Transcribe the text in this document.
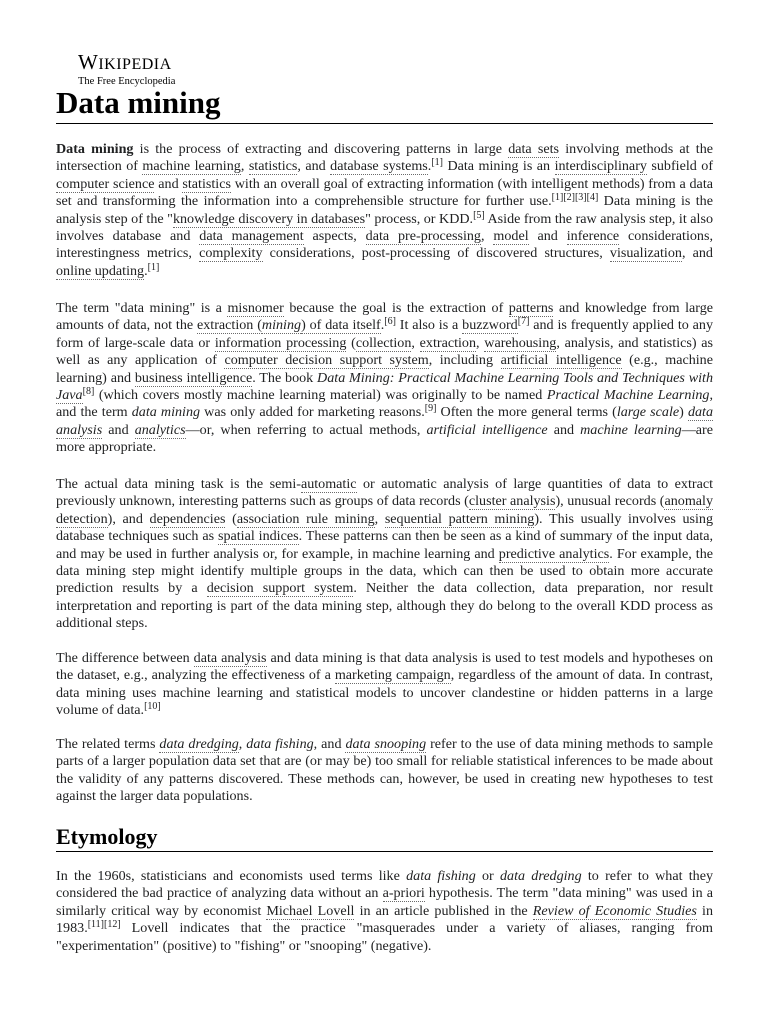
WIKIPEDIA
The Free Encyclopedia
Data mining

Data mining is the process of extracting and discovering patterns in large data sets involving methods at the intersection of machine learning, statistics, and database systems.[1] Data mining is an interdisciplinary subfield of computer science and statistics with an overall goal of extracting information (with intelligent methods) from a data set and transforming the information into a comprehensible structure for further use.[1][2][3][4] Data mining is the analysis step of the "knowledge discovery in databases" process, or KDD.[5] Aside from the raw analysis step, it also involves database and data management aspects, data pre-processing, model and inference considerations, interestingness metrics, complexity considerations, post-processing of discovered structures, visualization, and online updating.[1]

The term "data mining" is a misnomer because the goal is the extraction of patterns and knowledge from large amounts of data, not the extraction (mining) of data itself.[6] It also is a buzzword[7] and is frequently applied to any form of large-scale data or information processing (collection, extraction, warehousing, analysis, and statistics) as well as any application of computer decision support system, including artificial intelligence (e.g., machine learning) and business intelligence. The book Data Mining: Practical Machine Learning Tools and Techniques with Java[8] (which covers mostly machine learning material) was originally to be named Practical Machine Learning, and the term data mining was only added for marketing reasons.[9] Often the more general terms (large scale) data analysis and analytics—or, when referring to actual methods, artificial intelligence and machine learning—are more appropriate.

The actual data mining task is the semi-automatic or automatic analysis of large quantities of data to extract previously unknown, interesting patterns such as groups of data records (cluster analysis), unusual records (anomaly detection), and dependencies (association rule mining, sequential pattern mining). This usually involves using database techniques such as spatial indices. These patterns can then be seen as a kind of summary of the input data, and may be used in further analysis or, for example, in machine learning and predictive analytics. For example, the data mining step might identify multiple groups in the data, which can then be used to obtain more accurate prediction results by a decision support system. Neither the data collection, data preparation, nor result interpretation and reporting is part of the data mining step, although they do belong to the overall KDD process as additional steps.

The difference between data analysis and data mining is that data analysis is used to test models and hypotheses on the dataset, e.g., analyzing the effectiveness of a marketing campaign, regardless of the amount of data. In contrast, data mining uses machine learning and statistical models to uncover clandestine or hidden patterns in a large volume of data.[10]

The related terms data dredging, data fishing, and data snooping refer to the use of data mining methods to sample parts of a larger population data set that are (or may be) too small for reliable statistical inferences to be made about the validity of any patterns discovered. These methods can, however, be used in creating new hypotheses to test against the larger data populations.

Etymology

In the 1960s, statisticians and economists used terms like data fishing or data dredging to refer to what they considered the bad practice of analyzing data without an a-priori hypothesis. The term "data mining" was used in a similarly critical way by economist Michael Lovell in an article published in the Review of Economic Studies in 1983.[11][12] Lovell indicates that the practice "masquerades under a variety of aliases, ranging from "experimentation" (positive) to "fishing" or "snooping" (negative).
